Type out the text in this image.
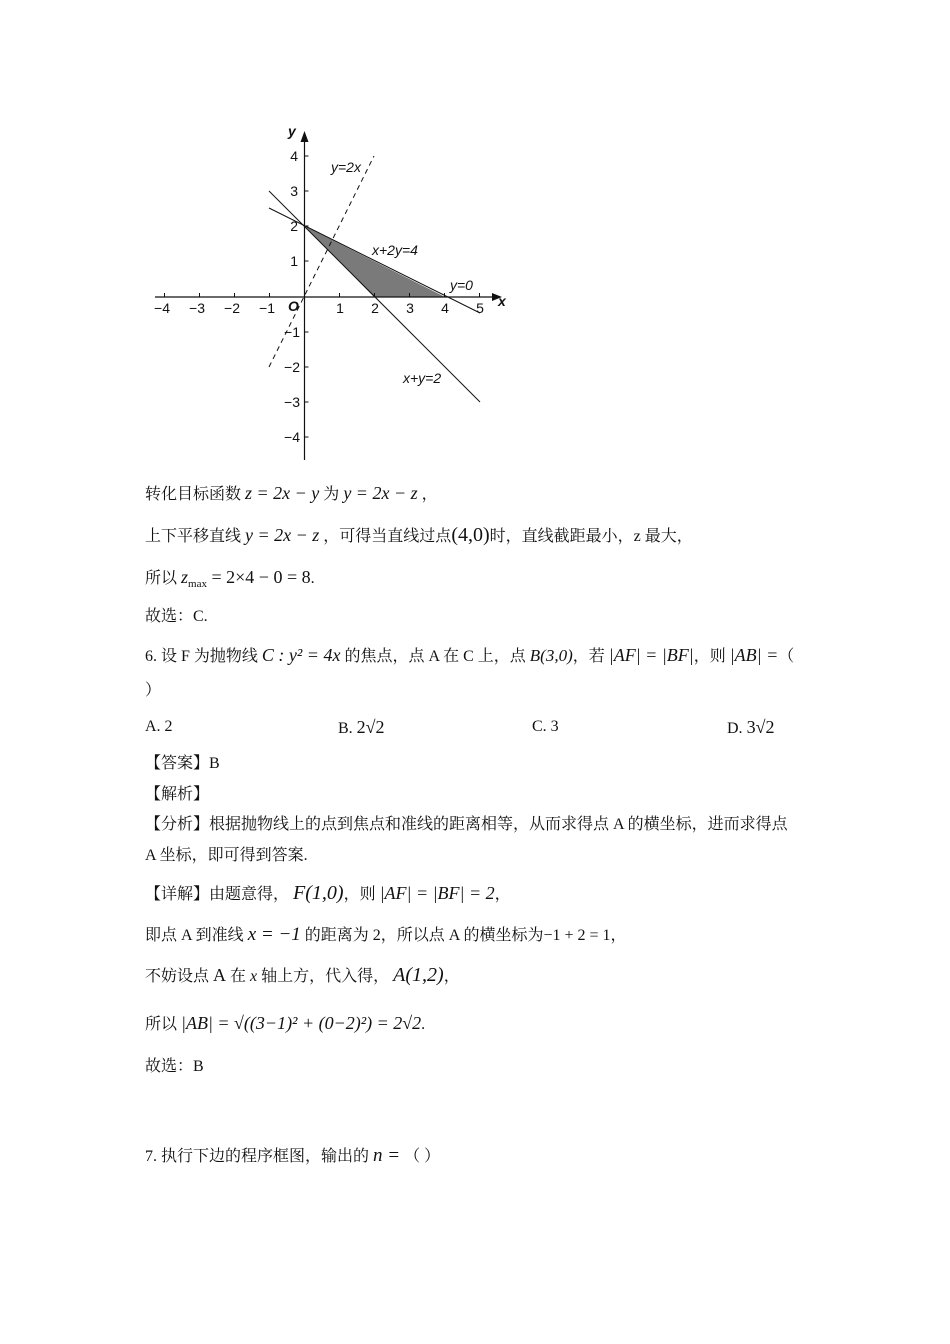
−4 −3 −2 −1	1 2 3 4 5
4
3
2
1
−1
−2
−3
−4
O	x
y
y=2x
x+2y=4
x+y=2
y=0
转化目标函数 z = 2x − y 为 y = 2x − z ，
上下平移直线 y = 2x − z ，可得当直线过点(4,0)时，直线截距最小，z 最大，
所以 $z_{max} = 2\times 4 - 0 = 8$.
故选：C.
6. 设 F 为抛物线 C : y² = 4x 的焦点，点 A 在 C 上，点 B(3,0)，若 |AF| = |BF|，则 |AB| =（
）
A. 2	B. 2√2	C. 3	D. 3√2
【答案】B
【解析】
【分析】根据抛物线上的点到焦点和准线的距离相等，从而求得点 A 的横坐标，进而求得点
A 坐标，即可得到答案.
【详解】由题意得， F(1,0)，则 |AF| = |BF| = 2，
即点 A 到准线 x = −1 的距离为 2，所以点 A 的横坐标为−1 + 2 = 1，
不妨设点 A 在 x 轴上方，代入得， A(1,2)，
所以 |AB| = √((3−1)² + (0−2)²) = 2√2.
故选：B
7. 执行下边的程序框图，输出的 n = （ ）
